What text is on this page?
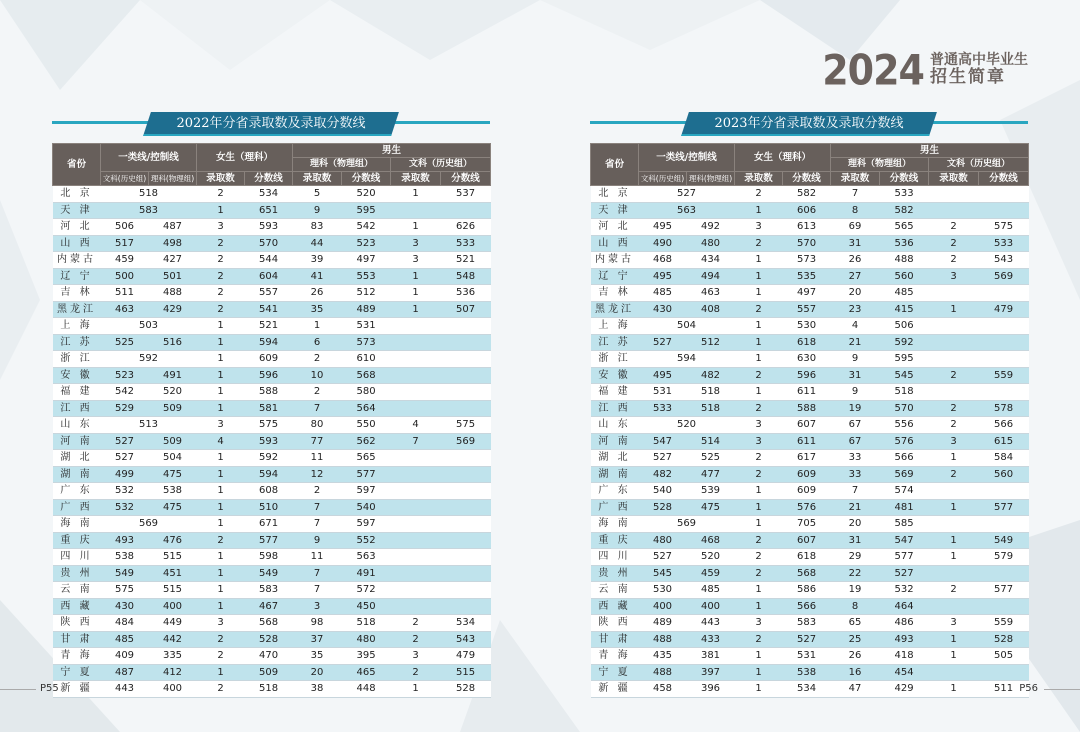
2024 普通高中毕业生
招生简章
2022年分省录取数及录取分数线
省份	一类线/控制线		女生（理科）		男生			
					理科（物理组）		文科（历史组）	
	文科(历史组)	理科(物理组)	录取数	分数线	录取数	分数线	录取数	分数线
北 京	518		2	534	5	520	1	537
天 津	583		1	651	9	595		
河 北	506	487	3	593	83	542	1	626
山 西	517	498	2	570	44	523	3	533
内蒙古	459	427	2	544	39	497	3	521
辽 宁	500	501	2	604	41	553	1	548
吉 林	511	488	2	557	26	512	1	536
黑龙江	463	429	2	541	35	489	1	507
上 海	503		1	521	1	531		
江 苏	525	516	1	594	6	573		
浙 江	592		1	609	2	610		
安 徽	523	491	1	596	10	568		
福 建	542	520	1	588	2	580		
江 西	529	509	1	581	7	564		
山 东	513		3	575	80	550	4	575
河 南	527	509	4	593	77	562	7	569
湖 北	527	504	1	592	11	565		
湖 南	499	475	1	594	12	577		
广 东	532	538	1	608	2	597		
广 西	532	475	1	510	7	540		
海 南	569		1	671	7	597		
重 庆	493	476	2	577	9	552		
四 川	538	515	1	598	11	563		
贵 州	549	451	1	549	7	491		
云 南	575	515	1	583	7	572		
西 藏	430	400	1	467	3	450		
陕 西	484	449	3	568	98	518	2	534
甘 肃	485	442	2	528	37	480	2	543
青 海	409	335	2	470	35	395	3	479
宁 夏	487	412	1	509	20	465	2	515
新 疆	443	400	2	518	38	448	1	528
2023年分省录取数及录取分数线
省份	一类线/控制线		女生（理科）		男生			
					理科（物理组）		文科（历史组）	
	文科(历史组)	理科(物理组)	录取数	分数线	录取数	分数线	录取数	分数线
北 京	527		2	582	7	533		
天 津	563		1	606	8	582		
河 北	495	492	3	613	69	565	2	575
山 西	490	480	2	570	31	536	2	533
内蒙古	468	434	1	573	26	488	2	543
辽 宁	495	494	1	535	27	560	3	569
吉 林	485	463	1	497	20	485		
黑龙江	430	408	2	557	23	415	1	479
上 海	504		1	530	4	506		
江 苏	527	512	1	618	21	592		
浙 江	594		1	630	9	595		
安 徽	495	482	2	596	31	545	2	559
福 建	531	518	1	611	9	518		
江 西	533	518	2	588	19	570	2	578
山 东	520		3	607	67	556	2	566
河 南	547	514	3	611	67	576	3	615
湖 北	527	525	2	617	33	566	1	584
湖 南	482	477	2	609	33	569	2	560
广 东	540	539	1	609	7	574		
广 西	528	475	1	576	21	481	1	577
海 南	569		1	705	20	585		
重 庆	480	468	2	607	31	547	1	549
四 川	527	520	2	618	29	577	1	579
贵 州	545	459	2	568	22	527		
云 南	530	485	1	586	19	532	2	577
西 藏	400	400	1	566	8	464		
陕 西	489	443	3	583	65	486	3	559
甘 肃	488	433	2	527	25	493	1	528
青 海	435	381	1	531	26	418	1	505
宁 夏	488	397	1	538	16	454		
新 疆	458	396	1	534	47	429	1	511
P55	P56
